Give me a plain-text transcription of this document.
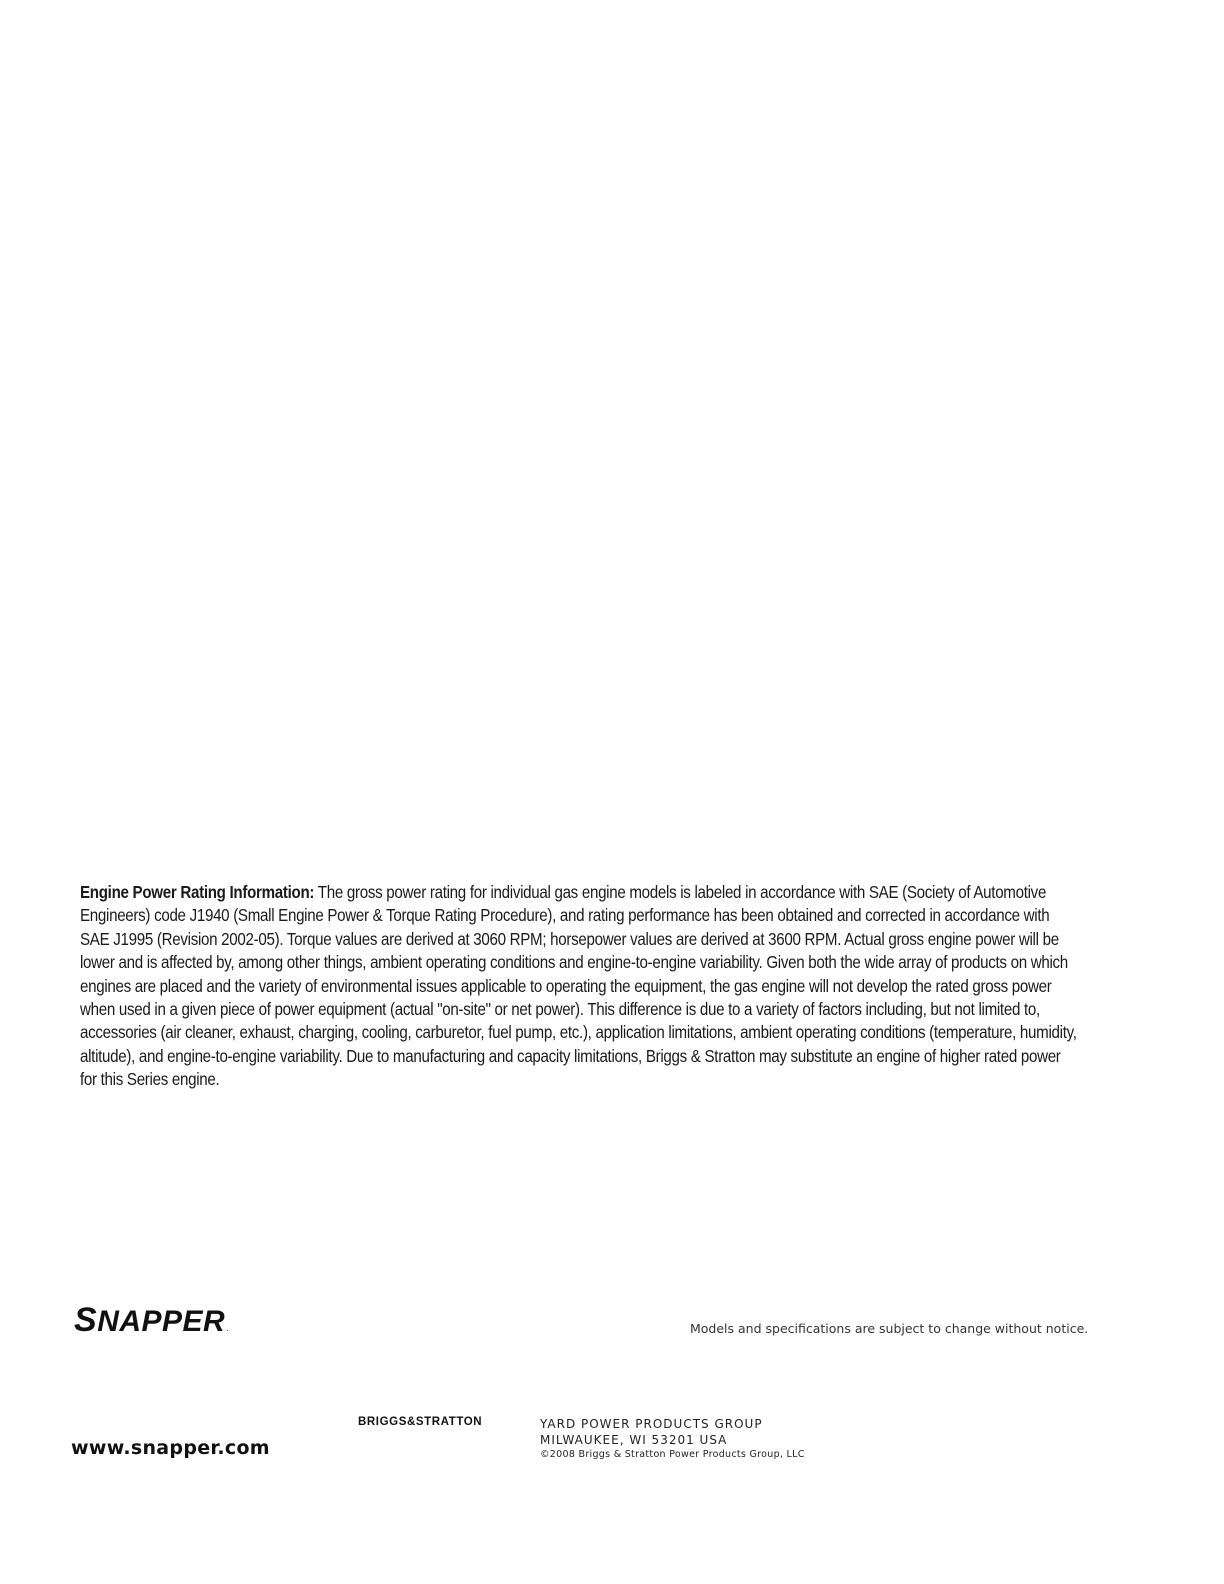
Engine Power Rating Information: The gross power rating for individual gas engine models is labeled in accordance with SAE (Society of Automotive Engineers) code J1940 (Small Engine Power & Torque Rating Procedure), and rating performance has been obtained and corrected in accordance with SAE J1995 (Revision 2002-05). Torque values are derived at 3060 RPM; horsepower values are derived at 3600 RPM. Actual gross engine power will be lower and is affected by, among other things, ambient operating conditions and engine-to-engine variability. Given both the wide array of products on which engines are placed and the variety of environmental issues applicable to operating the equipment, the gas engine will not develop the rated gross power when used in a given piece of power equipment (actual "on-site" or net power). This difference is due to a variety of factors including, but not limited to, accessories (air cleaner, exhaust, charging, cooling, carburetor, fuel pump, etc.), application limitations, ambient operating conditions (temperature, humidity, altitude), and engine-to-engine variability. Due to manufacturing and capacity limitations, Briggs & Stratton may substitute an engine of higher rated power for this Series engine.
SNAPPER.	Models and specifications are subject to change without notice.
BRIGGS&STRATTON	YARD POWER PRODUCTS GROUP
MILWAUKEE, WI 53201 USA
©2008 Briggs & Stratton Power Products Group, LLC
www.snapper.com
